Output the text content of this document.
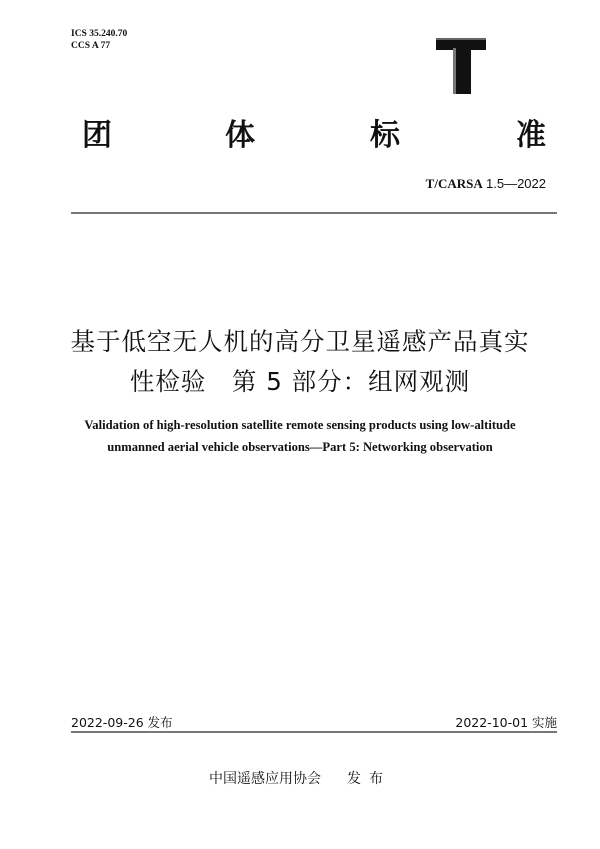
ICS 35.240.70
CCS A 77
团	体	标	准
T/CARSA 1.5—2022
基于低空无人机的高分卫星遥感产品真实
性检验　第 5 部分：组网观测
Validation of high-resolution satellite remote sensing products using low-altitude
unmanned aerial vehicle observations—Part 5: Networking observation
2022-09-26 发布	2022-10-01 实施
中国遥感应用协会 发布
